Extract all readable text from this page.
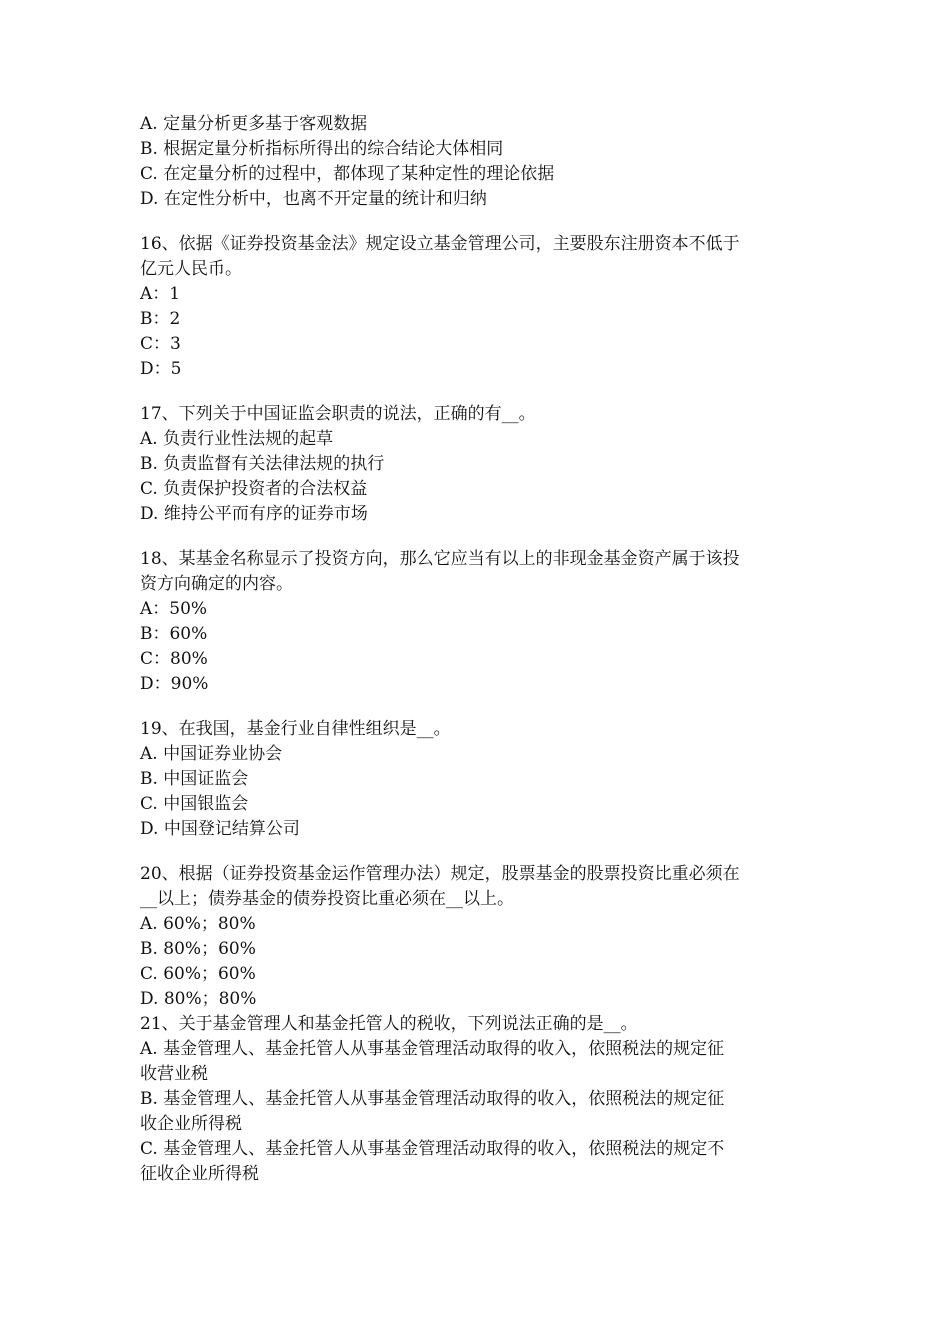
A. 定量分析更多基于客观数据
B. 根据定量分析指标所得出的综合结论大体相同
C. 在定量分析的过程中，都体现了某种定性的理论依据
D. 在定性分析中，也离不开定量的统计和归纳
16、依据《证券投资基金法》规定设立基金管理公司，主要股东注册资本不低于
亿元人民币。
A：1
B：2
C：3
D：5
17、下列关于中国证监会职责的说法，正确的有__。
A. 负责行业性法规的起草
B. 负责监督有关法律法规的执行
C. 负责保护投资者的合法权益
D. 维持公平而有序的证券市场
18、某基金名称显示了投资方向，那么它应当有以上的非现金基金资产属于该投
资方向确定的内容。
A：50%
B：60%
C：80%
D：90%
19、在我国，基金行业自律性组织是__。
A. 中国证券业协会
B. 中国证监会
C. 中国银监会
D. 中国登记结算公司
20、根据（证券投资基金运作管理办法）规定，股票基金的股票投资比重必须在
__以上；债券基金的债券投资比重必须在__以上。
A. 60%；80%
B. 80%；60%
C. 60%；60%
D. 80%；80%
21、关于基金管理人和基金托管人的税收，下列说法正确的是__。
A. 基金管理人、基金托管人从事基金管理活动取得的收入，依照税法的规定征
收营业税
B. 基金管理人、基金托管人从事基金管理活动取得的收入，依照税法的规定征
收企业所得税
C. 基金管理人、基金托管人从事基金管理活动取得的收入，依照税法的规定不
征收企业所得税
